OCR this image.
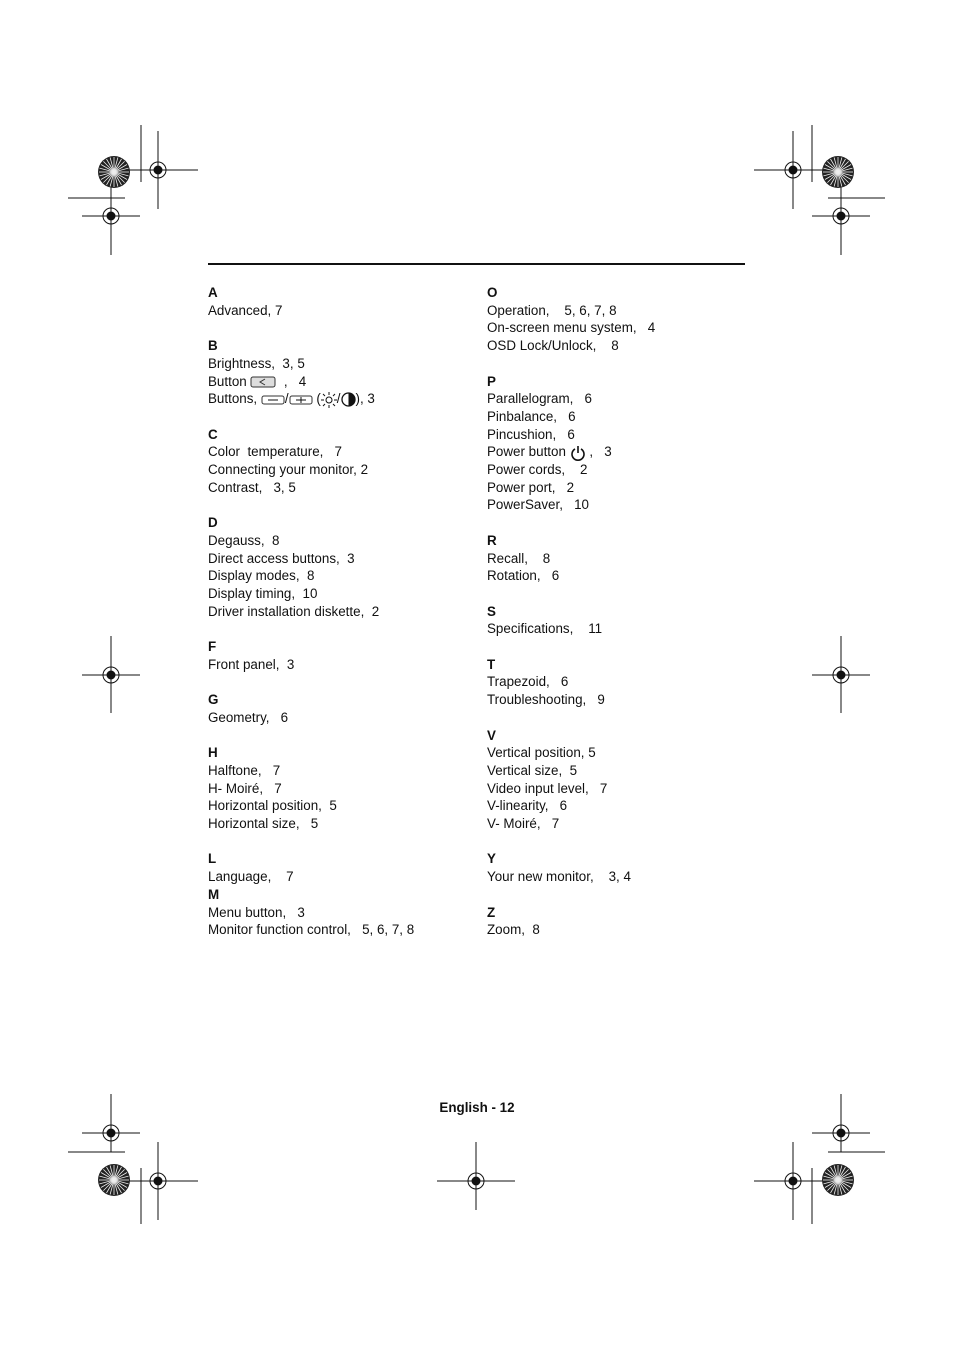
A
Advanced, 7
B
Brightness,  3, 5
Button   ,   4
Buttons, / ( / ), 3
C
Color  temperature,   7
Connecting your monitor, 2
Contrast,   3, 5
D
Degauss,  8
Direct access buttons,  3
Display modes,  8
Display timing,  10
Driver installation diskette,  2
F
Front panel,  3
G
Geometry,   6
H
Halftone,   7
H- Moiré,   7
Horizontal position,  5
Horizontal size,   5
L
Language,    7
M
Menu button,   3
Monitor function control,   5, 6, 7, 8
O
Operation,    5, 6, 7, 8
On-screen menu system,   4
OSD Lock/Unlock,    8
P
Parallelogram,   6
Pinbalance,   6
Pincushion,   6
Power button  ,   3
Power cords,    2
Power port,   2
PowerSaver,   10
R
Recall,    8
Rotation,   6
S
Specifications,    11
T
Trapezoid,   6
Troubleshooting,   9
V
Vertical position, 5
Vertical size,  5
Video input level,   7
V-linearity,   6
V- Moiré,   7
Y
Your new monitor,    3, 4
Z
Zoom,  8
English - 12
